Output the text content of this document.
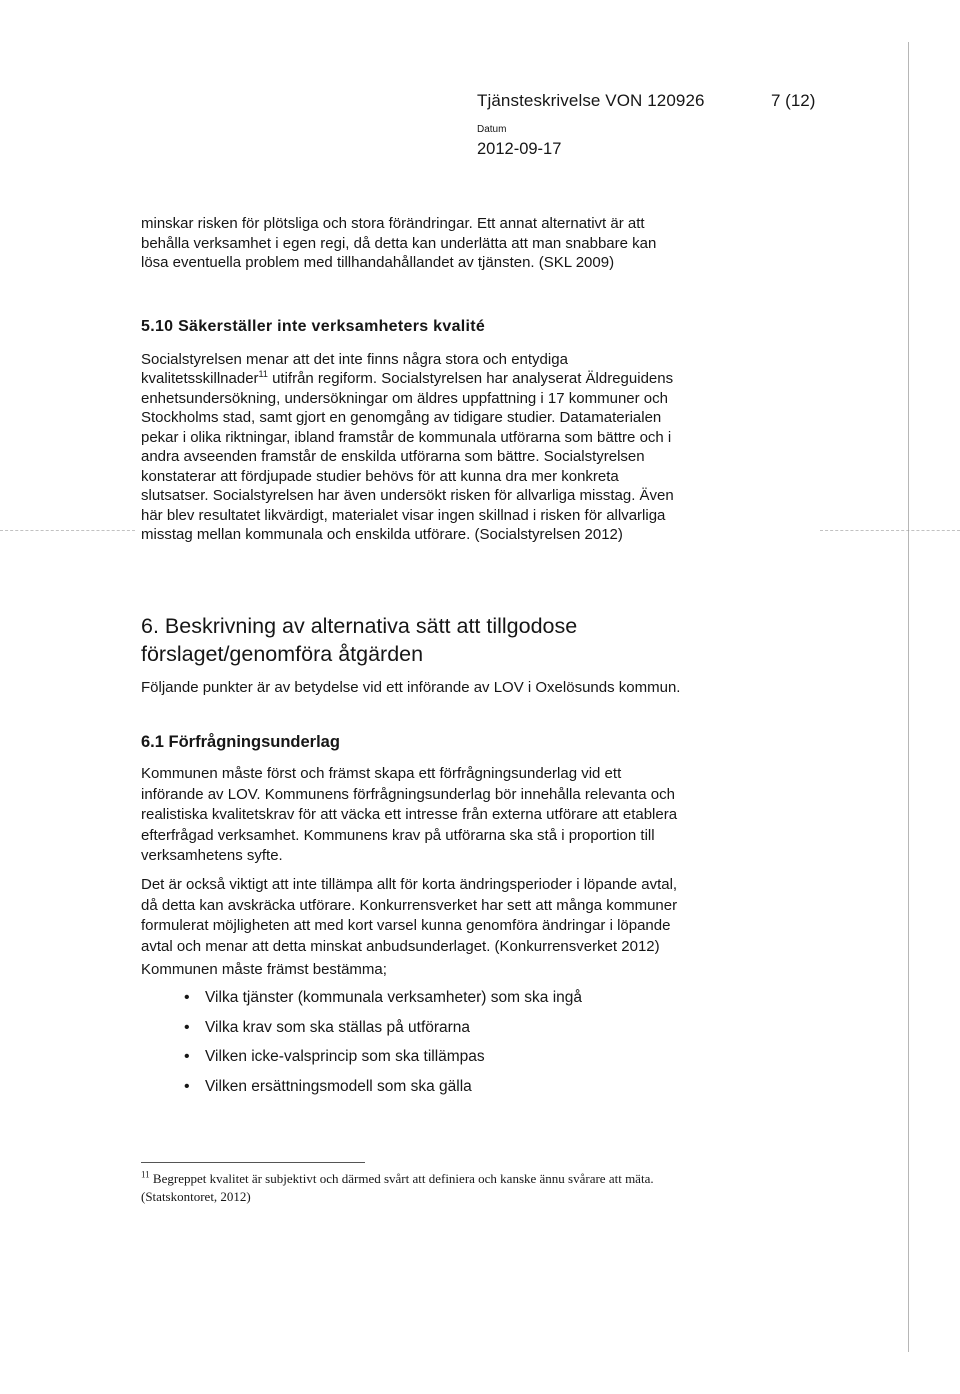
Tjänsteskrivelse VON 120926	7 (12)
Datum
2012-09-17

minskar risken för plötsliga och stora förändringar. Ett annat alternativt är att
behålla verksamhet i egen regi, då detta kan underlätta att man snabbare kan
lösa eventuella problem med tillhandahållandet av tjänsten. (SKL 2009)

5.10 Säkerställer inte verksamheters kvalité

Socialstyrelsen menar att det inte finns några stora och entydiga
kvalitetsskillnader$^{11}$ utifrån regiform. Socialstyrelsen har analyserat Äldreguidens
enhetsundersökning, undersökningar om äldres uppfattning i 17 kommuner och
Stockholms stad, samt gjort en genomgång av tidigare studier. Datamaterialen
pekar i olika riktningar, ibland framstår de kommunala utförarna som bättre och i
andra avseenden framstår de enskilda utförarna som bättre. Socialstyrelsen
konstaterar att fördjupade studier behövs för att kunna dra mer konkreta
slutsatser. Socialstyrelsen har även undersökt risken för allvarliga misstag. Även
här blev resultatet likvärdigt, materialet visar ingen skillnad i risken för allvarliga
misstag mellan kommunala och enskilda utförare. (Socialstyrelsen 2012)

6. Beskrivning av alternativa sätt att tillgodose
förslaget/genomföra åtgärden

Följande punkter är av betydelse vid ett införande av LOV i Oxelösunds kommun.

6.1 Förfrågningsunderlag

Kommunen måste först och främst skapa ett förfrågningsunderlag vid ett
införande av LOV. Kommunens förfrågningsunderlag bör innehålla relevanta och
realistiska kvalitetskrav för att väcka ett intresse från externa utförare att etablera
efterfrågad verksamhet. Kommunens krav på utförarna ska stå i proportion till
verksamhetens syfte.

Det är också viktigt att inte tillämpa allt för korta ändringsperioder i löpande avtal,
då detta kan avskräcka utförare. Konkurrensverket har sett att många kommuner
formulerat möjligheten att med kort varsel kunna genomföra ändringar i löpande
avtal och menar att detta minskat anbudsunderlaget. (Konkurrensverket 2012)

Kommunen måste främst bestämma;

• Vilka tjänster (kommunala verksamheter) som ska ingå
• Vilka krav som ska ställas på utförarna
• Vilken icke-valsprincip som ska tillämpas
• Vilken ersättningsmodell som ska gälla

$^{11}$ Begreppet kvalitet är subjektivt och därmed svårt att definiera och kanske ännu svårare att mäta.
(Statskontoret, 2012)
